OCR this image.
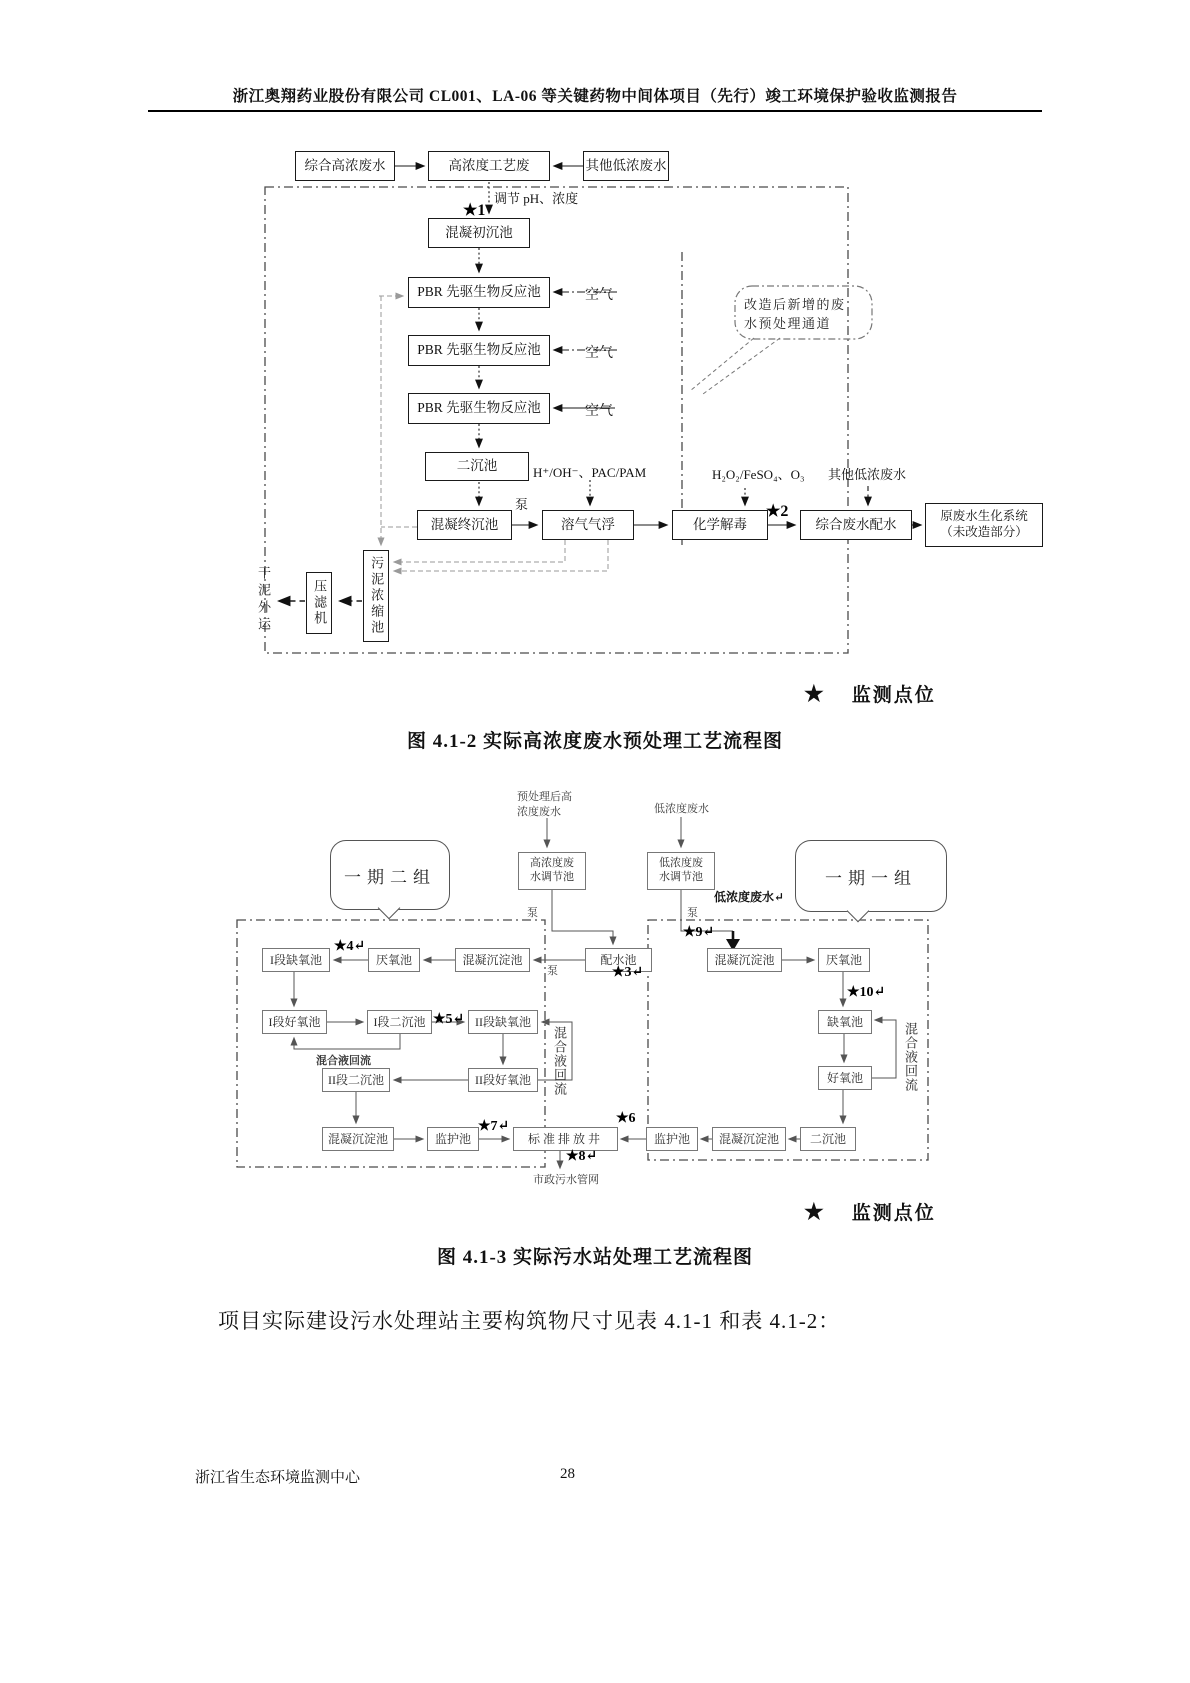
浙江奥翔药业股份有限公司 CL001、LA-06 等关键药物中间体项目（先行）竣工环境保护验收监测报告
综合高浓废水	高浓度工艺废	其他低浓废水
调节 pH、浓度
★1
混凝初沉池
PBR 先驱生物反应池
PBR 先驱生物反应池
PBR 先驱生物反应池
空气
空气
空气
二沉池	H⁺/OH⁻、PAC/PAM	H₂O₂/FeSO₄、O₃ 其他低浓废水
泵
混凝终沉池	溶气气浮	化学解毒
★2
综合废水配水
原废水生化系统
（未改造部分）
污泥浓缩池
压滤机
干泥外运
改造后新增的废
水预处理通道
★ 监测点位
图 4.1-2 实际高浓度废水预处理工艺流程图
预处理后高
浓度废水	低浓度废水
一期二组	一期一组
高浓度废
水调节池
低浓度废
水调节池
低浓度废水↵
泵	泵
★9↵
配水池
★3↵
泵
混凝沉淀池
厌氧池
★4↵
I段缺氧池
I段好氧池	I段二沉池 ★5↵ II段缺氧池
混合液回流
混合液回流
II段二沉池	II段好氧池
混凝沉淀池	监护池
★7↵
标准排放井
★6
★8↵
市政污水管网
混凝沉淀池	厌氧池
★10↵
缺氧池
好氧池	混合液回流
监护池	混凝沉淀池	二沉池
★ 监测点位
图 4.1-3 实际污水站处理工艺流程图
项目实际建设污水处理站主要构筑物尺寸见表 4.1-1 和表 4.1-2：
浙江省生态环境监测中心	28
